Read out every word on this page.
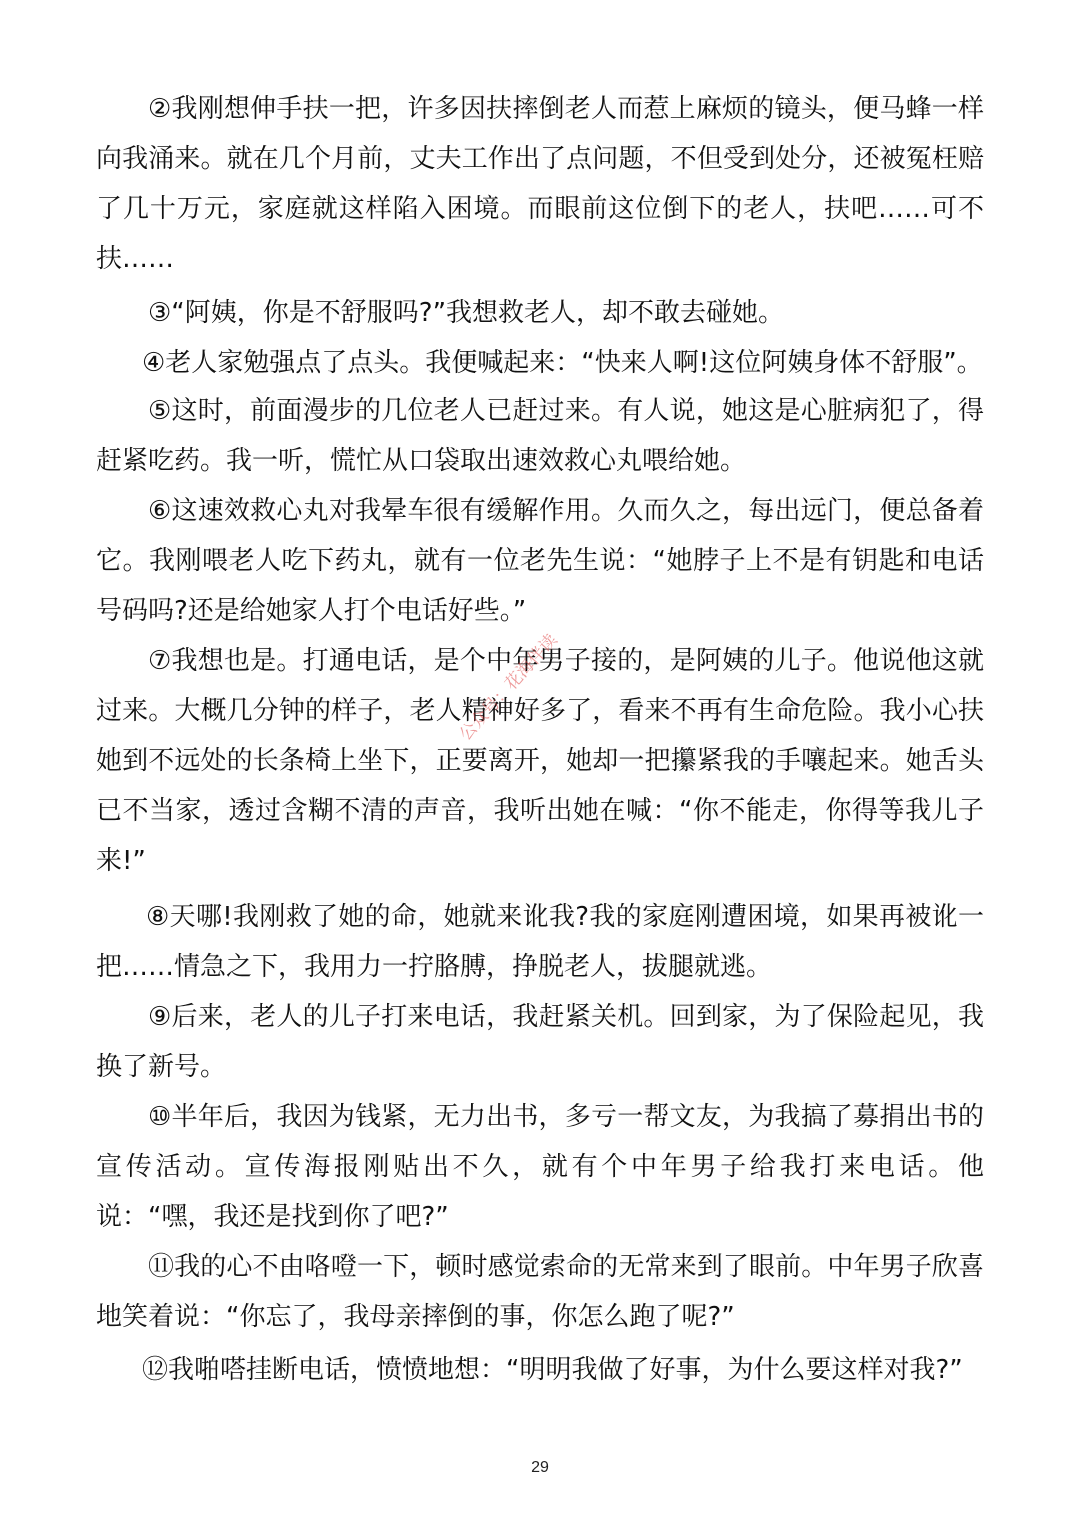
②我刚想伸手扶一把，许多因扶摔倒老人而惹上麻烦的镜头，便马蜂一样向我涌来。就在几个月前，丈夫工作出了点问题，不但受到处分，还被冤枉赔了几十万元，家庭就这样陷入困境。而眼前这位倒下的老人，扶吧……可不扶……

③“阿姨，你是不舒服吗?”我想救老人，却不敢去碰她。

④老人家勉强点了点头。我便喊起来：“快来人啊!这位阿姨身体不舒服”。

⑤这时，前面漫步的几位老人已赶过来。有人说，她这是心脏病犯了，得赶紧吃药。我一听，慌忙从口袋取出速效救心丸喂给她。

⑥这速效救心丸对我晕车很有缓解作用。久而久之，每出远门，便总备着它。我刚喂老人吃下药丸，就有一位老先生说：“她脖子上不是有钥匙和电话号码吗?还是给她家人打个电话好些。”

⑦我想也是。打通电话，是个中年男子接的，是阿姨的儿子。他说他这就过来。大概几分钟的样子，老人精神好多了，看来不再有生命危险。我小心扶她到不远处的长条椅上坐下，正要离开，她却一把攥紧我的手嚷起来。她舌头已不当家，透过含糊不清的声音，我听出她在喊：“你不能走，你得等我儿子来!”

⑧天哪!我刚救了她的命，她就来讹我?我的家庭刚遭困境，如果再被讹一把……情急之下，我用力一拧胳膊，挣脱老人，拔腿就逃。

⑨后来，老人的儿子打来电话，我赶紧关机。回到家，为了保险起见，我换了新号。

⑩半年后，我因为钱紧，无力出书，多亏一帮文友，为我搞了募捐出书的宣传活动。宣传海报刚贴出不久，就有个中年男子给我打来电话。他说：“嘿，我还是找到你了吧?”

⑪我的心不由咯噔一下，顿时感觉索命的无常来到了眼前。中年男子欣喜地笑着说：“你忘了，我母亲摔倒的事，你怎么跑了呢?”

⑫我啪嗒挂断电话，愤愤地想：“明明我做了好事，为什么要这样对我?”

公众号：花海伴读
29
